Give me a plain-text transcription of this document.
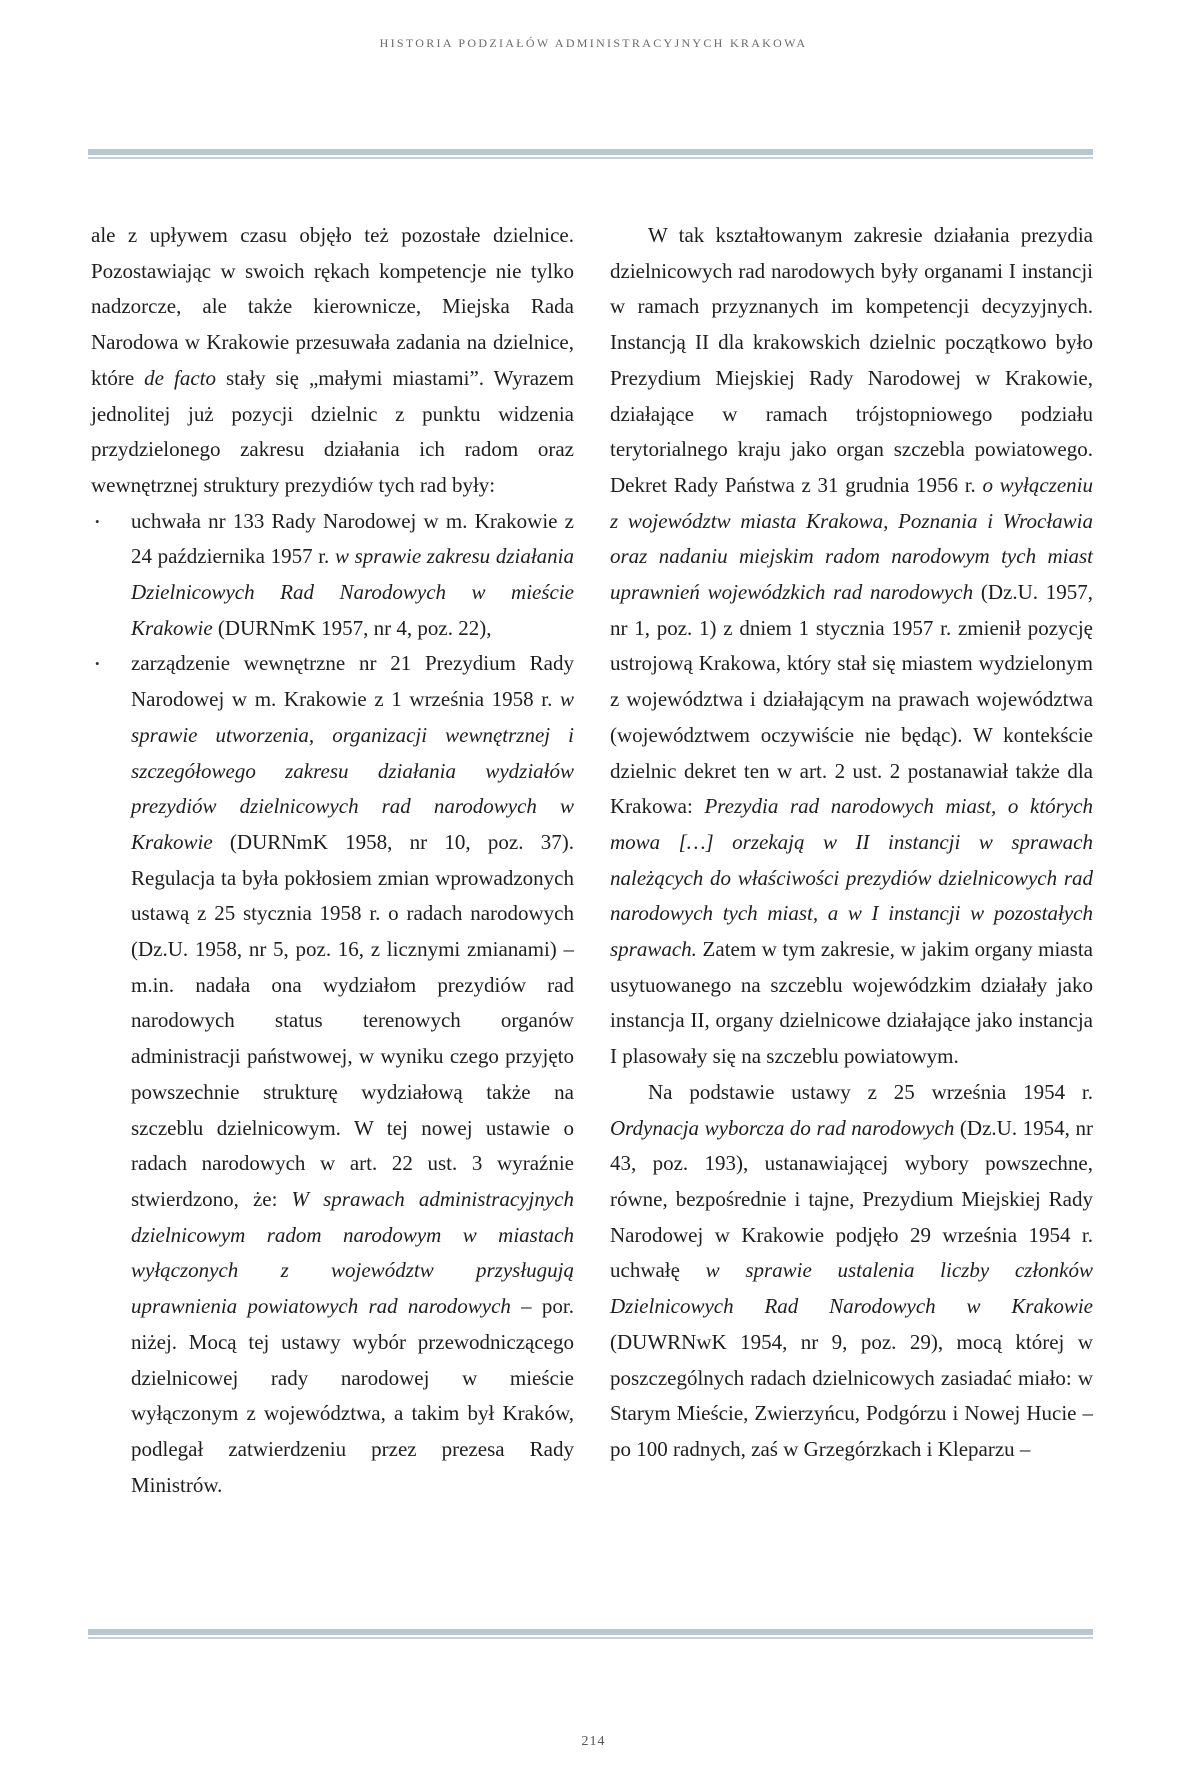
HISTORIA PODZIAŁÓW ADMINISTRACYJNYCH KRAKOWA

ale z upływem czasu objęło też pozostałe dzielnice. Pozostawiając w swoich rękach kompetencje nie tylko nadzorcze, ale także kierownicze, Miejska Rada Narodowa w Krakowie przesuwała zadania na dzielnice, które de facto stały się „małymi miastami”. Wyrazem jednolitej już pozycji dzielnic z punktu widzenia przydzielonego zakresu działania ich radom oraz wewnętrznej struktury prezydiów tych rad były:

•	uchwała nr 133 Rady Narodowej w m. Krakowie z 24 października 1957 r. w sprawie zakresu działania Dzielnicowych Rad Narodowych w mieście Krakowie (DURNmK 1957, nr 4, poz. 22),
•	zarządzenie wewnętrzne nr 21 Prezydium Rady Narodowej w m. Krakowie z 1 września 1958 r. w sprawie utworzenia, organizacji wewnętrznej i szczegółowego zakresu działania wydziałów prezydiów dzielnicowych rad narodowych w Krakowie (DURNmK 1958, nr 10, poz. 37). Regulacja ta była pokłosiem zmian wprowadzonych ustawą z 25 stycznia 1958 r. o radach narodowych (Dz.U. 1958, nr 5, poz. 16, z licznymi zmianami) – m.in. nadała ona wydziałom prezydiów rad narodowych status terenowych organów administracji państwowej, w wyniku czego przyjęto powszechnie strukturę wydziałową także na szczeblu dzielnicowym. W tej nowej ustawie o radach narodowych w art. 22 ust. 3 wyraźnie stwierdzono, że: W sprawach administracyjnych dzielnicowym radom narodowym w miastach wyłączonych z województw przysługują uprawnienia powiatowych rad narodowych – por. niżej. Mocą tej ustawy wybór przewodniczącego dzielnicowej rady narodowej w mieście wyłączonym z województwa, a takim był Kraków, podlegał zatwierdzeniu przez prezesa Rady Ministrów.

W tak kształtowanym zakresie działania prezydia dzielnicowych rad narodowych były organami I instancji w ramach przyznanych im kompetencji decyzyjnych. Instancją II dla krakowskich dzielnic początkowo było Prezydium Miejskiej Rady Narodowej w Krakowie, działające w ramach trójstopniowego podziału terytorialnego kraju jako organ szczebla powiatowego. Dekret Rady Państwa z 31 grudnia 1956 r. o wyłączeniu z województw miasta Krakowa, Poznania i Wrocławia oraz nadaniu miejskim radom narodowym tych miast uprawnień wojewódzkich rad narodowych (Dz.U. 1957, nr 1, poz. 1) z dniem 1 stycznia 1957 r. zmienił pozycję ustrojową Krakowa, który stał się miastem wydzielonym z województwa i działającym na prawach województwa (województwem oczywiście nie będąc). W kontekście dzielnic dekret ten w art. 2 ust. 2 postanawiał także dla Krakowa: Prezydia rad narodowych miast, o których mowa […] orzekają w II instancji w sprawach należących do właściwości prezydiów dzielnicowych rad narodowych tych miast, a w I instancji w pozostałych sprawach. Zatem w tym zakresie, w jakim organy miasta usytuowanego na szczeblu wojewódzkim działały jako instancja II, organy dzielnicowe działające jako instancja I plasowały się na szczeblu powiatowym.

Na podstawie ustawy z 25 września 1954 r. Ordynacja wyborcza do rad narodowych (Dz.U. 1954, nr 43, poz. 193), ustanawiającej wybory powszechne, równe, bezpośrednie i tajne, Prezydium Miejskiej Rady Narodowej w Krakowie podjęło 29 września 1954 r. uchwałę w sprawie ustalenia liczby członków Dzielnicowych Rad Narodowych w Krakowie (DUWRNwK 1954, nr 9, poz. 29), mocą której w poszczególnych radach dzielnicowych zasiadać miało: w Starym Mieście, Zwierzyńcu, Podgórzu i Nowej Hucie – po 100 radnych, zaś w Grzegórzkach i Kleparzu –

214
